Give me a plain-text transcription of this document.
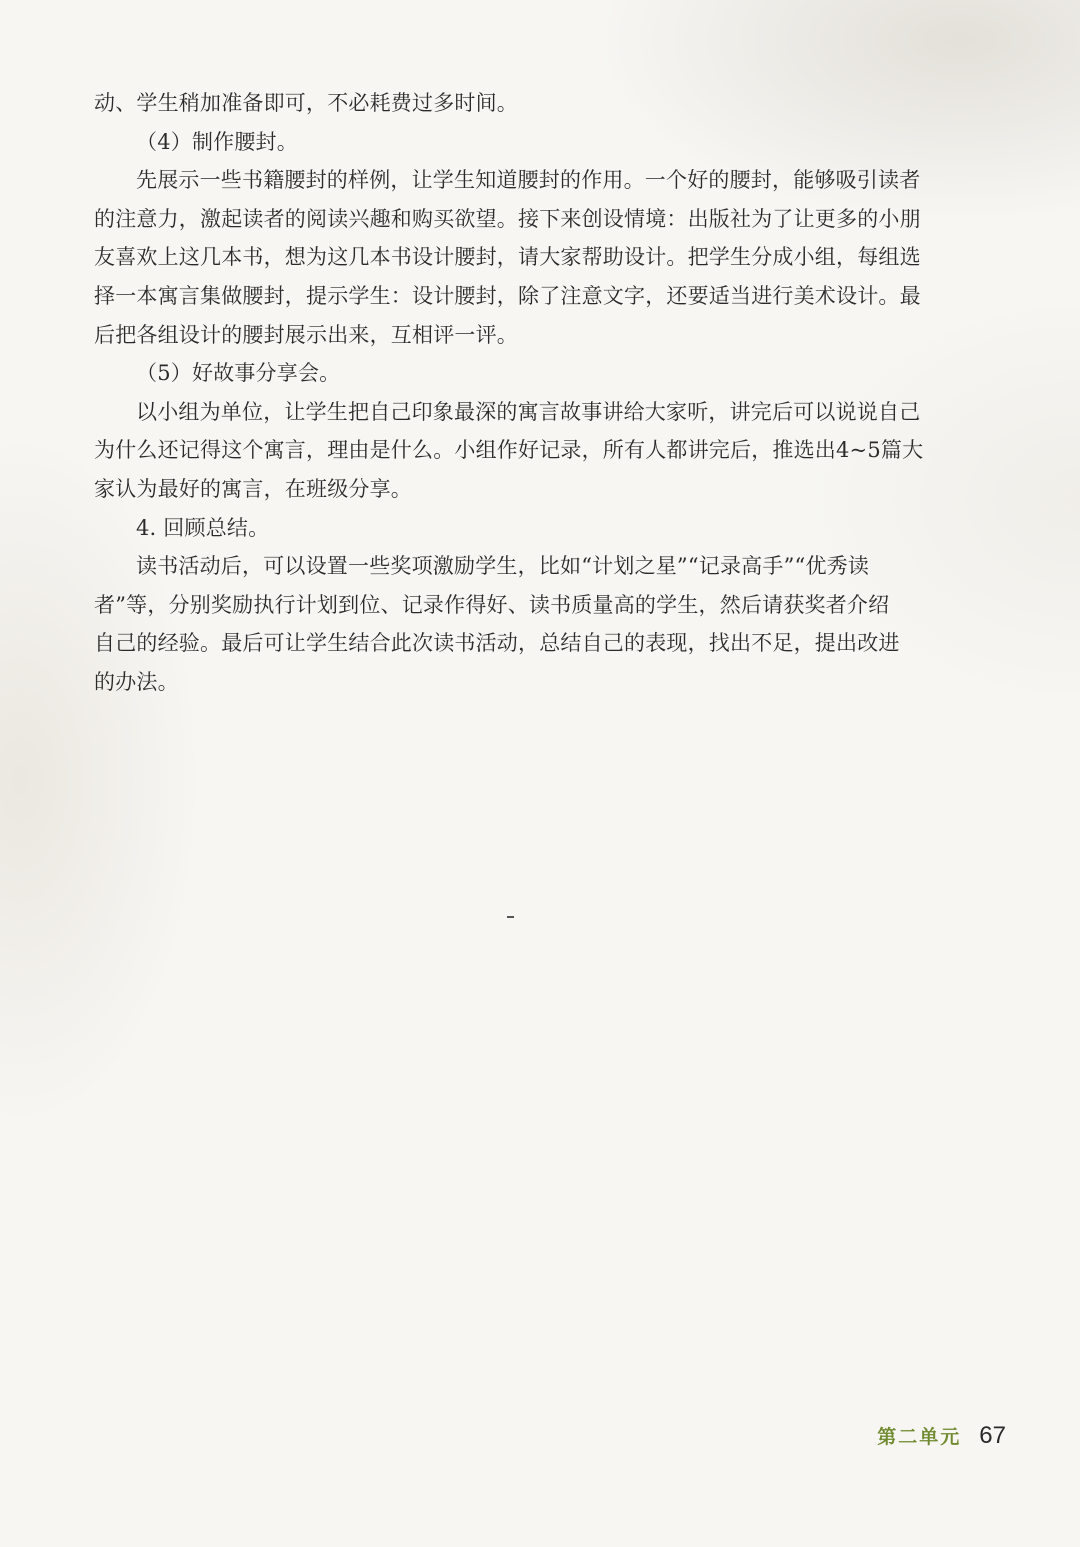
动、学生稍加准备即可，不必耗费过多时间。
（4）制作腰封。
先展示一些书籍腰封的样例，让学生知道腰封的作用。一个好的腰封，能够吸引读者
的注意力，激起读者的阅读兴趣和购买欲望。接下来创设情境：出版社为了让更多的小朋
友喜欢上这几本书，想为这几本书设计腰封，请大家帮助设计。把学生分成小组，每组选
择一本寓言集做腰封，提示学生：设计腰封，除了注意文字，还要适当进行美术设计。最
后把各组设计的腰封展示出来，互相评一评。
（5）好故事分享会。
以小组为单位，让学生把自己印象最深的寓言故事讲给大家听，讲完后可以说说自己
为什么还记得这个寓言，理由是什么。小组作好记录，所有人都讲完后，推选出4~5篇大
家认为最好的寓言，在班级分享。
4. 回顾总结。
读书活动后，可以设置一些奖项激励学生，比如“计划之星”“记录高手”“优秀读
者”等，分别奖励执行计划到位、记录作得好、读书质量高的学生，然后请获奖者介绍
自己的经验。最后可让学生结合此次读书活动，总结自己的表现，找出不足，提出改进
的办法。
第二单元 67
